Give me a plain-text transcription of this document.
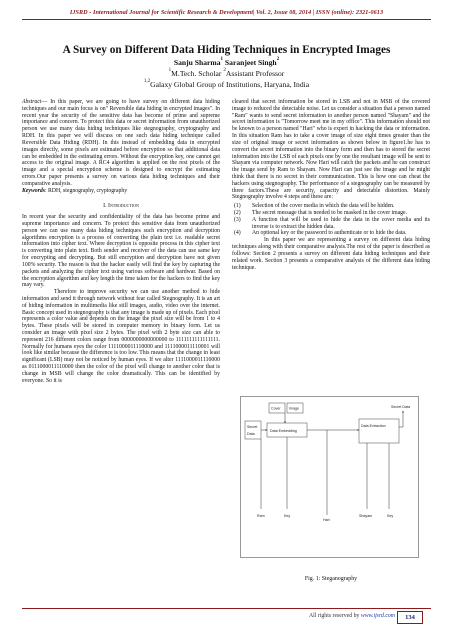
IJSRD - International Journal for Scientific Research & Development| Vol. 2, Issue 08, 2014 | ISSN (online): 2321-0613
A Survey on Different Data Hiding Techniques in Encrypted Images
Sanju Sharma$^1$ Saranjeet Singh$^2$
$^1$M.Tech. Scholar $^2$Assistant Professor
$^{1,2}$Galaxy Global Group of Institutions, Haryana, India

Abstract— In this paper, we are going to have survey on different data hiding techniques and our main focus is on" Reversible data hiding in encrypted images". In recent year the security of the sensitive data has become of prime and supreme importance and concern. To protect this data or secret information from unauthorized person we use many data hiding techniques like stegnography, cryptography and RDH. In this paper we will discuss on one such data hiding technique called Reversible Data Hiding (RDH). In this instead of embedding data in encrypted images directly, some pixels are estimated before encryption so that additional data can be embedded in the estimating errors. Without the encryption key, one cannot get access to the original image. A RC4 algorithm is applied on the rest pixels of the image and a special encryption scheme is designed to encrypt the estimating errors.Our paper presents a survey on various data hiding techniques and their comparative analysis.

Keywords: RDH, stegnography, cryptography

I. Introduction

In recent year the security and confidentiality of the data has become prime and supreme importance and concern. To protect this sensitive data from unauthorized person we can use many data hiding techniques such encryption and decryption algorithms encryption is a process of converting the plain text i.e. readable secret information into cipher text. Where decryption is opposite process in this cipher text is converting into plain text. Both sender and receiver of the data can use same key for encrypting and decrypting. But still encryption and decryption have not given 100% security. The reason is that the hacker easily will find the key by capturing the packets and analyzing the cipher text using various software and hardwar. Based on the encryption algorithm and key length the time taken for the hackers to find the key may vary.

Therefore to improve security we can use another method to hide information and send it through network without fear called Stegnography. It is an art of hiding information in multimedia like still images, audio, video over the internet. Basic concept used in stegnography is that any image is made up of pixels. Each pixel represents a color value and depends on the image the pixel size will be from 1 to 4 bytes. These pixels will be stored in computer memory in binary form. Let us consider an image with pixel size 2 bytes. The pixel with 2 byte size can able to represent 216 different colors range from 0000000000000000 to 1111111111111111. Normally for humans eyes the color 1111000011110000 and 1111000011110001 will look like similar because the difference is too low. This means that the change in least significant (LSB) may not be noticed by human eyes. If we alter 1111000011110000 as 0111000011110000 then the color of the pixel will change to another color that is change in MSB will change the color dramatically. This can be identified by everyone. So it is

cleared that secret information be stored in LSB and not in MSB of the covered image to reduced the detectable noise. Let us consider a situation that a person named "Ram" wants to send secret information to another person named "Shayam" and the secret information is "Tomorrow meet me in my office". This information should not be known to a person named "Hari" who is expert in hacking the data or information. In this situation Ram has to take a cover image of size eight times greater than the size of original image or secret information as shown below in figure1.he has to convert the secret information into the binary form and then has to stored the secret information into the LSB of each pixels one by one the resultant image will be sent to Shayam via computer network. Now Hari will catch the packets and he can construct the image send by Ram to Shayam. Now Hari can just see the image and he might think that there is no secret in their communication. This is how one can cheat the hackers using stegnography. The performance of a stegnography can be measured by three factors.These are security, capacity and detectable distortion. Mainly Stegnography involve 4 steps and these are:

(1)	Selection of the cover media in which the data will be hidden.
(2)	The secret message that is needed to be masked in the cover image.
(3)	A function that will be used to hide the data in the cover media and its inverse is to extract the hidden data.
(4)	An optional key or the password to authenticate or to hide the data.

In this paper we are representing a survey on different data hiding techniques along with their comparative analysis.The rest of the paper is described as follows: Section 2 presents a survey on different data hiding techniques and their related work. Section 3 presents a comparative analysis of the different data hiding technique.

Cover Image
Secret
Data
Data Embedding
Data Extraction
Secret Data
Ram	Key
Hari
Shayam	Key
Fig. 1: Steganography
All rights reserved by www.ijsrd.com	134
